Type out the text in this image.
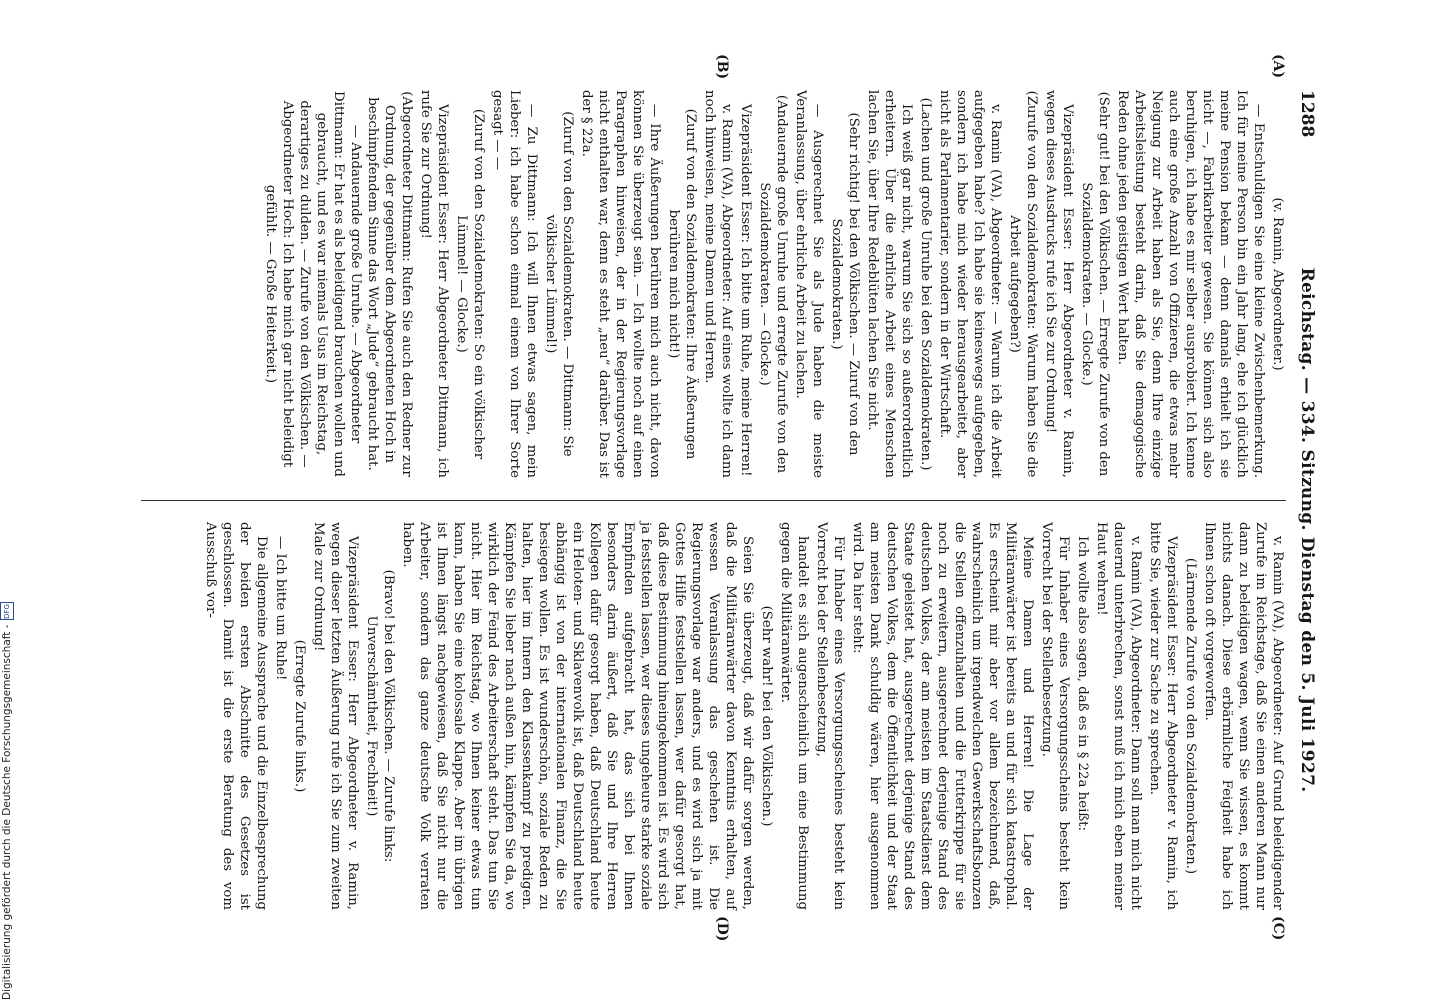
1288
Reichstag. — 334. Sitzung. Dienstag den 5. Juli 1927.

(v. Ramin, Abgeordneter.)

— Entschuldigen Sie eine kleine Zwischenbemerkung. Ich für meine Person bin ein Jahr lang, ehe ich glücklich meine Pension bekam — denn damals erhielt ich sie nicht —, Fabrikarbeiter gewesen. Sie können sich also beruhigen, ich habe es mir selber ausprobiert. Ich kenne auch eine große Anzahl von Offizieren, die etwas mehr Neigung zur Arbeit haben als Sie, denn Ihre einzige Arbeitsleistung besteht darin, daß Sie demagogische Reden ohne jeden geistigen Wert halten.

(Sehr gut! bei den Völkischen. — Erregte Zurufe von den Sozialdemokraten. — Glocke.)

Vizepräsident Esser: Herr Abgeordneter v. Ramin, wegen dieses Ausdrucks rufe ich Sie zur Ordnung!

(Zurufe von den Sozialdemokraten: Warum haben Sie die Arbeit aufgegeben?)

v. Ramin (VA), Abgeordneter: — Warum ich die Arbeit aufgegeben habe? Ich habe sie keineswegs aufgegeben, sondern ich habe mich wieder herausgearbeitet, aber nicht als Parlamentarier, sondern in der Wirtschaft.

(Lachen und große Unruhe bei den Sozialdemokraten.)

Ich weiß gar nicht, warum Sie sich so außerordentlich erheitern. Über die ehrliche Arbeit eines Menschen lachen Sie, über Ihre Redeblüten lachen Sie nicht.

(Sehr richtig! bei den Völkischen. — Zuruf von den Sozialdemokraten.)

— Ausgerechnet Sie als Jude haben die meiste Veranlassung, über ehrliche Arbeit zu lachen.

(Andauernde große Unruhe und erregte Zurufe von den Sozialdemokraten. — Glocke.)

Vizepräsident Esser: Ich bitte um Ruhe, meine Herren!

v. Ramin (VA), Abgeordneter: Auf eines wollte ich dann noch hinweisen, meine Damen und Herren.

(Zuruf von den Sozialdemokraten: Ihre Äußerungen berühren mich nicht!)

— Ihre Äußerungen berühren mich auch nicht, davon können Sie überzeugt sein. — Ich wollte noch auf einen Paragraphen hinweisen, der in der Regierungsvorlage nicht enthalten war, denn es steht „neu“ darüber. Das ist der § 22a.

(Zuruf von den Sozialdemokraten. — Dittmann: Sie völkischer Lümmel!)

— Zu Dittmann: Ich will Ihnen etwas sagen, mein Lieber: ich habe schon einmal einem von Ihrer Sorte gesagt — —

(Zuruf von den Sozialdemokraten: So ein völkischer Lümmel! — Glocke.)

Vizepräsident Esser: Herr Abgeordneter Dittmann, ich rufe Sie zur Ordnung!

(Abgeordneter Dittmann: Rufen Sie auch den Redner zur Ordnung, der gegenüber dem Abgeordneten Hoch in beschimpfendem Sinne das Wort „Jude“ gebraucht hat. — Andauernde große Unruhe. — Abgeordneter Dittmann: Er hat es als beleidigend brauchen wollen und gebraucht, und es war niemals Usus im Reichstag, derartiges zu dulden. — Zurufe von den Völkischen. — Abgeordneter Hoch: Ich habe mich gar nicht beleidigt gefühlt. — Große Heiterkeit.)

v. Ramin (VA), Abgeordneter: Auf Grund beleidigender Zurufe im Reichstage, daß Sie einen anderen Mann nur dann zu beleidigen wagen, wenn Sie wissen, es kommt nichts danach. Diese erbärmliche Feigheit habe ich Ihnen schon oft vorgeworfen.

(Lärmende Zurufe von den Sozialdemokraten.)

Vizepräsident Esser: Herr Abgeordneter v. Ramin, ich bitte Sie, wieder zur Sache zu sprechen.

v. Ramin (VA), Abgeordneter: Dann soll man mich nicht dauernd unterbrechen, sonst muß ich mich eben meiner Haut wehren!

Ich wollte also sagen, daß es in § 22a heißt:

Für Inhaber eines Versorgungsscheins besteht kein Vorrecht bei der Stellenbesetzung.

Meine Damen und Herren! Die Lage der Militäranwärter ist bereits an und für sich katastrophal. Es erscheint mir aber vor allem bezeichnend, daß, wahrscheinlich um irgendwelchen Gewerkschaftsbonzen die Stellen offenzuhalten und die Futterkrippe für sie noch zu erweitern, ausgerechnet derjenige Stand des deutschen Volkes, der am meisten im Staatsdienst dem Staate geleistet hat, ausgerechnet derjenige Stand des deutschen Volkes, dem die Öffentlichkeit und der Staat am meisten Dank schuldig wären, hier ausgenommen wird. Da hier steht:

Für Inhaber eines Versorgungsscheines besteht kein Vorrecht bei der Stellenbesetzung,

handelt es sich augenscheinlich um eine Bestimmung gegen die Militäranwärter.

(Sehr wahr! bei den Völkischen.)

Seien Sie überzeugt, daß wir dafür sorgen werden, daß die Militäranwärter davon Kenntnis erhalten, auf wessen Veranlassung das geschehen ist. Die Regierungsvorlage war anders, und es wird sich ja mit Gottes Hilfe feststellen lassen, wer dafür gesorgt hat, daß diese Bestimmung hineingekommen ist. Es wird sich ja feststellen lassen, wer dieses ungeheure starke soziale Empfinden aufgebracht hat, das sich bei Ihnen besonders darin äußert, daß Sie und Ihre Herren Kollegen dafür gesorgt haben, daß Deutschland heute ein Heloten- und Sklavenvolk ist, daß Deutschland heute abhängig ist von der internationalen Finanz, die Sie besiegen wollen. Es ist wunderschön, soziale Reden zu halten, hier im Innern den Klassenkampf zu predigen. Kämpfen Sie lieber nach außen hin, kämpfen Sie da, wo wirklich der Feind des Arbeiterschaft steht. Das tun Sie nicht. Hier im Reichstag, wo Ihnen keiner etwas tun kann, haben Sie eine kolossale Klappe. Aber im übrigen ist Ihnen längst nachgewiesen, daß Sie nicht nur die Arbeiter, sondern das ganze deutsche Volk verraten haben.

(Bravo! bei den Völkischen. — Zurufe links: Unverschämtheit, Frechheit!)

Vizepräsident Esser: Herr Abgeordneter v. Ramin, wegen dieser letzten Äußerung rufe ich Sie zum zweiten Male zur Ordnung!

(Erregte Zurufe links.)

— Ich bitte um Ruhe!

Die allgemeine Aussprache und die Einzelbesprechung der beiden ersten Abschnitte des Gesetzes ist geschlossen. Damit ist die erste Beratung des vom Ausschuß vor-

(A)
(B)
(C)
(D)
Digitalisierung gefördert durch die Deutsche Forschungsgemeinschaft -
DFG
